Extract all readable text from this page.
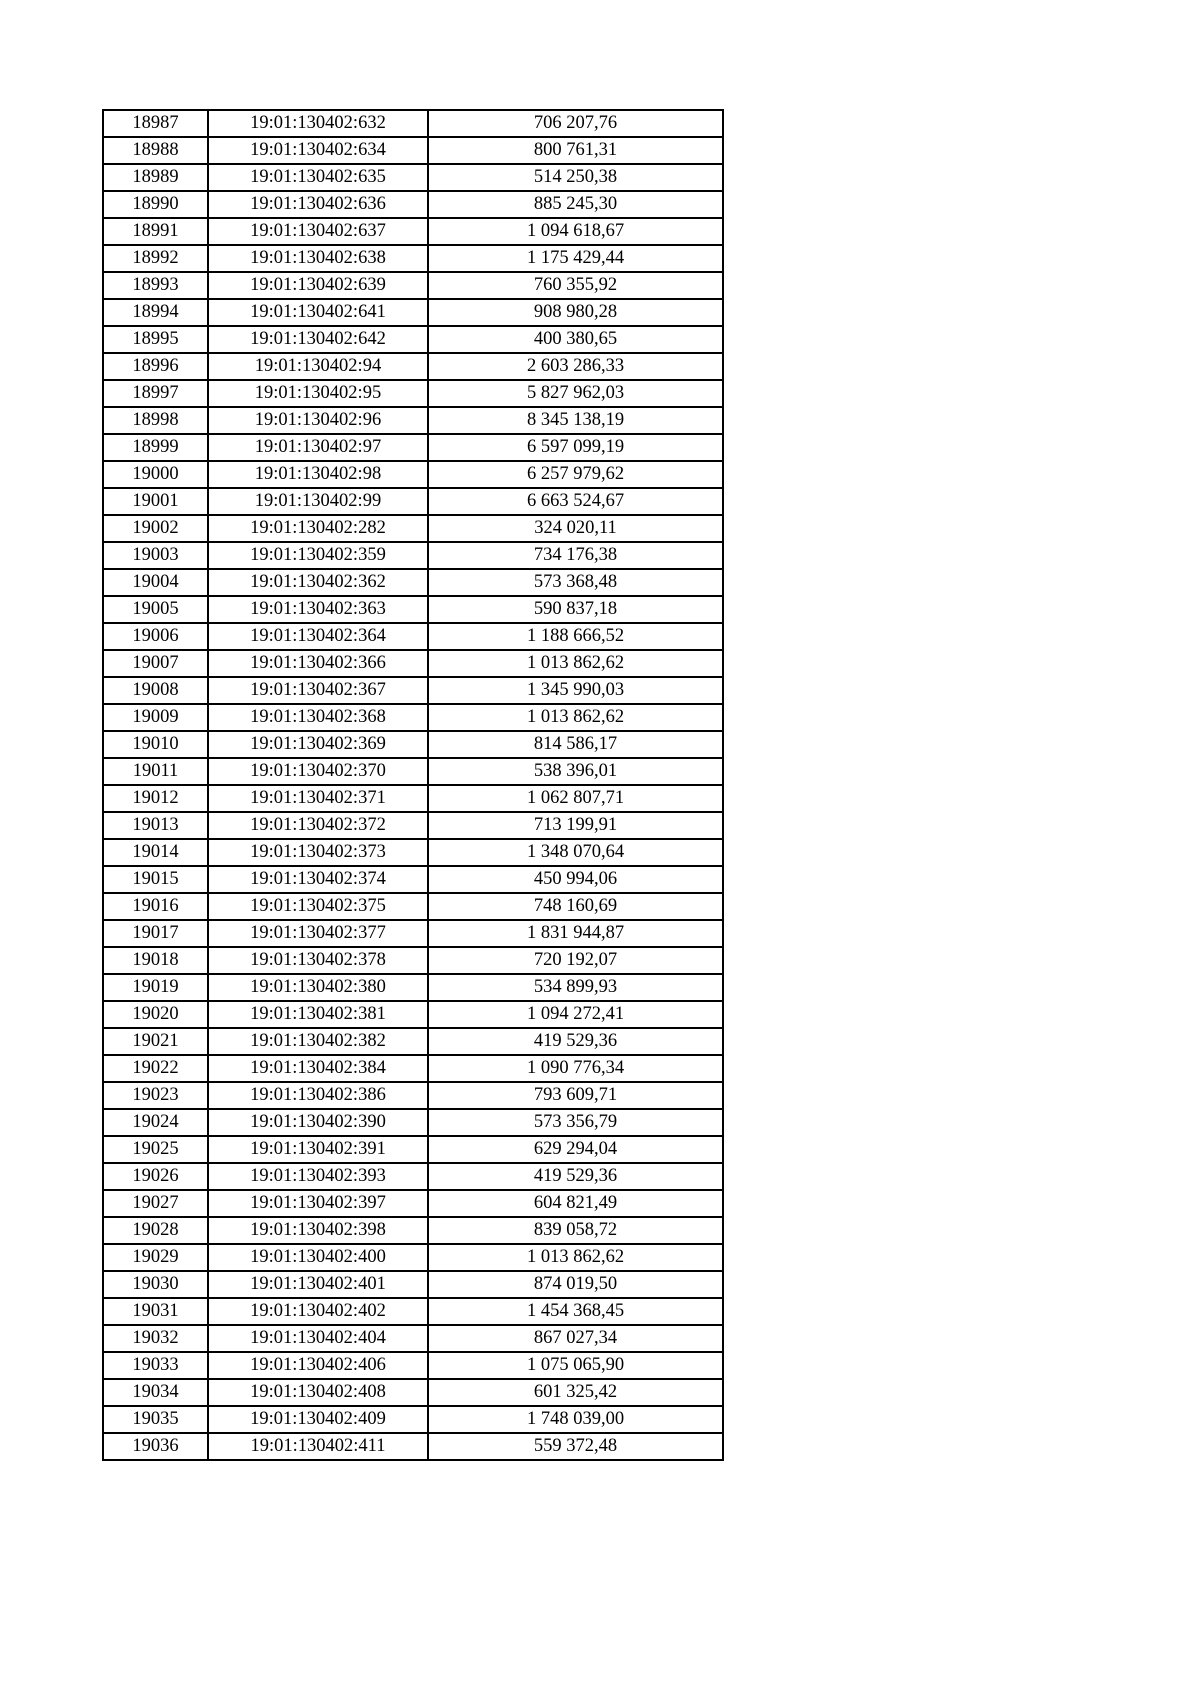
18987	19:01:130402:632	706 207,76
18988	19:01:130402:634	800 761,31
18989	19:01:130402:635	514 250,38
18990	19:01:130402:636	885 245,30
18991	19:01:130402:637	1 094 618,67
18992	19:01:130402:638	1 175 429,44
18993	19:01:130402:639	760 355,92
18994	19:01:130402:641	908 980,28
18995	19:01:130402:642	400 380,65
18996	19:01:130402:94	2 603 286,33
18997	19:01:130402:95	5 827 962,03
18998	19:01:130402:96	8 345 138,19
18999	19:01:130402:97	6 597 099,19
19000	19:01:130402:98	6 257 979,62
19001	19:01:130402:99	6 663 524,67
19002	19:01:130402:282	324 020,11
19003	19:01:130402:359	734 176,38
19004	19:01:130402:362	573 368,48
19005	19:01:130402:363	590 837,18
19006	19:01:130402:364	1 188 666,52
19007	19:01:130402:366	1 013 862,62
19008	19:01:130402:367	1 345 990,03
19009	19:01:130402:368	1 013 862,62
19010	19:01:130402:369	814 586,17
19011	19:01:130402:370	538 396,01
19012	19:01:130402:371	1 062 807,71
19013	19:01:130402:372	713 199,91
19014	19:01:130402:373	1 348 070,64
19015	19:01:130402:374	450 994,06
19016	19:01:130402:375	748 160,69
19017	19:01:130402:377	1 831 944,87
19018	19:01:130402:378	720 192,07
19019	19:01:130402:380	534 899,93
19020	19:01:130402:381	1 094 272,41
19021	19:01:130402:382	419 529,36
19022	19:01:130402:384	1 090 776,34
19023	19:01:130402:386	793 609,71
19024	19:01:130402:390	573 356,79
19025	19:01:130402:391	629 294,04
19026	19:01:130402:393	419 529,36
19027	19:01:130402:397	604 821,49
19028	19:01:130402:398	839 058,72
19029	19:01:130402:400	1 013 862,62
19030	19:01:130402:401	874 019,50
19031	19:01:130402:402	1 454 368,45
19032	19:01:130402:404	867 027,34
19033	19:01:130402:406	1 075 065,90
19034	19:01:130402:408	601 325,42
19035	19:01:130402:409	1 748 039,00
19036	19:01:130402:411	559 372,48
